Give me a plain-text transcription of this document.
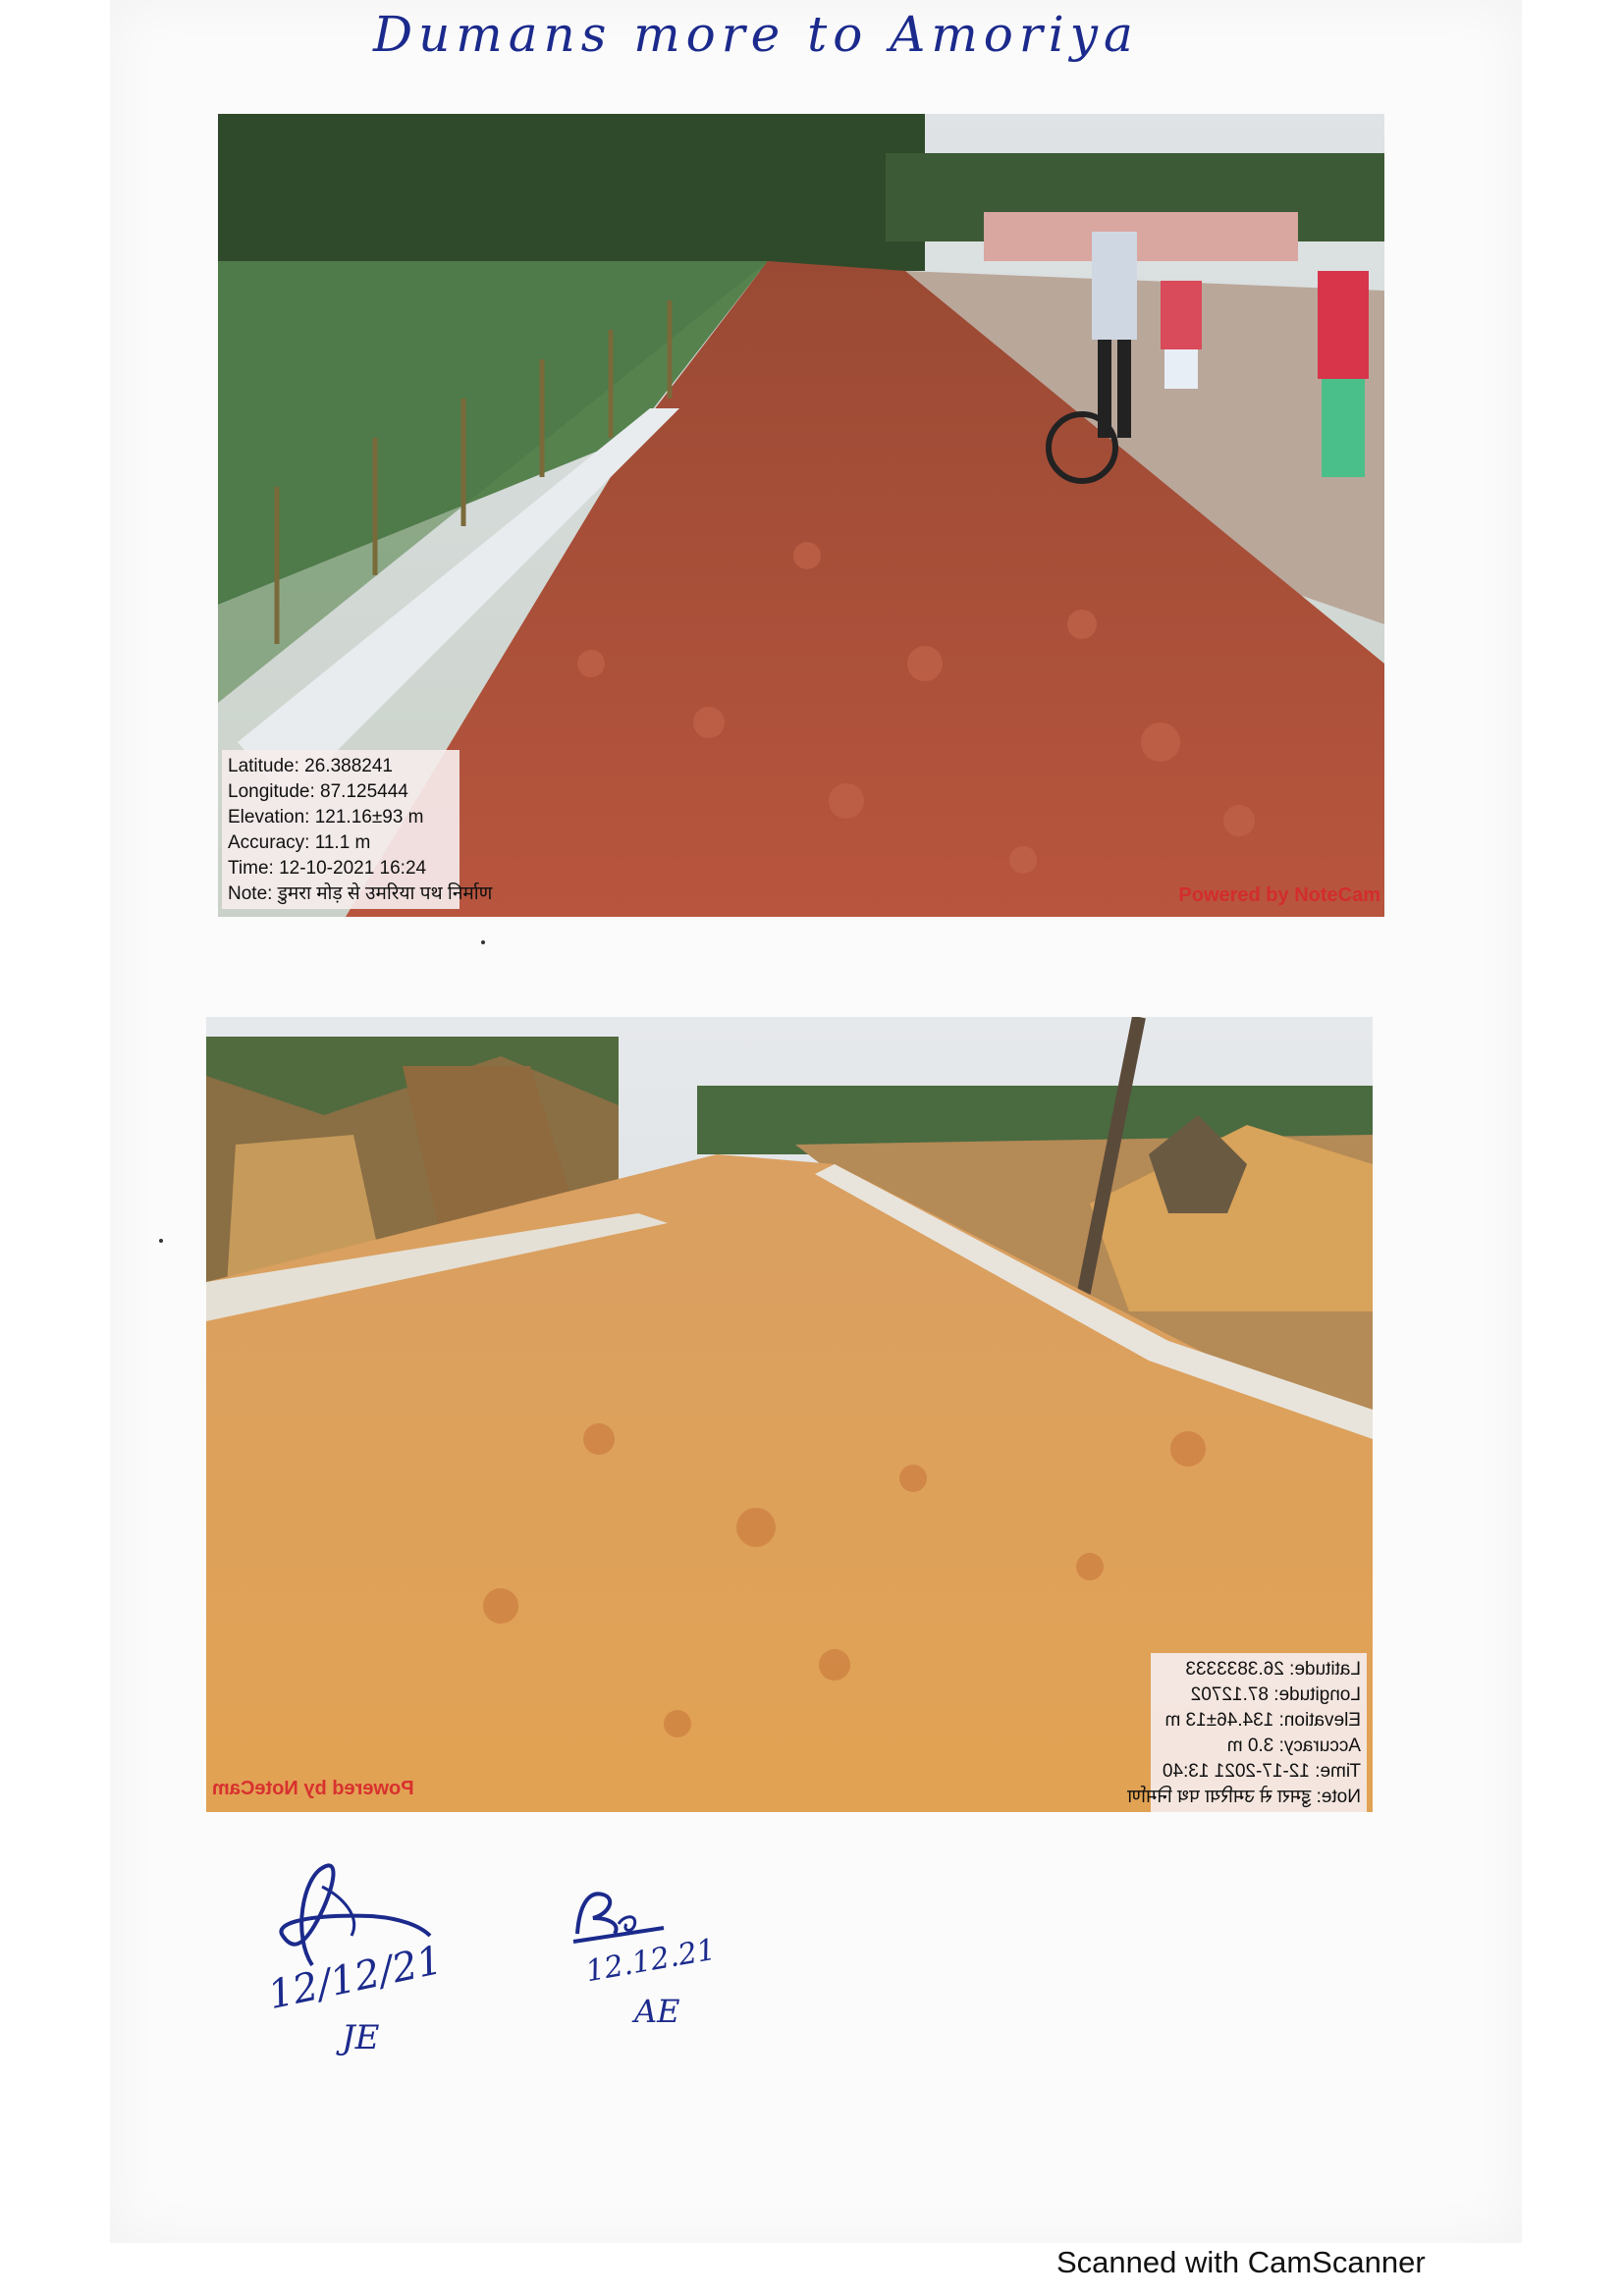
Dumans more to Amoriya
Latitude: 26.388241
Longitude: 87.125444
Elevation: 121.16±93 m
Accuracy: 11.1 m
Time: 12-10-2021 16:24
Note: डुमरा मोड़ से उमरिया पथ निर्माण	Powered by NoteCam
Latitude: 26.3833333
Longitude: 87.12702
Elevation: 134.46±13 m
Accuracy: 3.0 m
Time: 12-17-2021 13:40
Note: डुमरा से उमरिया पथ निर्माण
Powered by NoteCam
12/12/21
JE
12.12.21
AE
Scanned with CamScanner
